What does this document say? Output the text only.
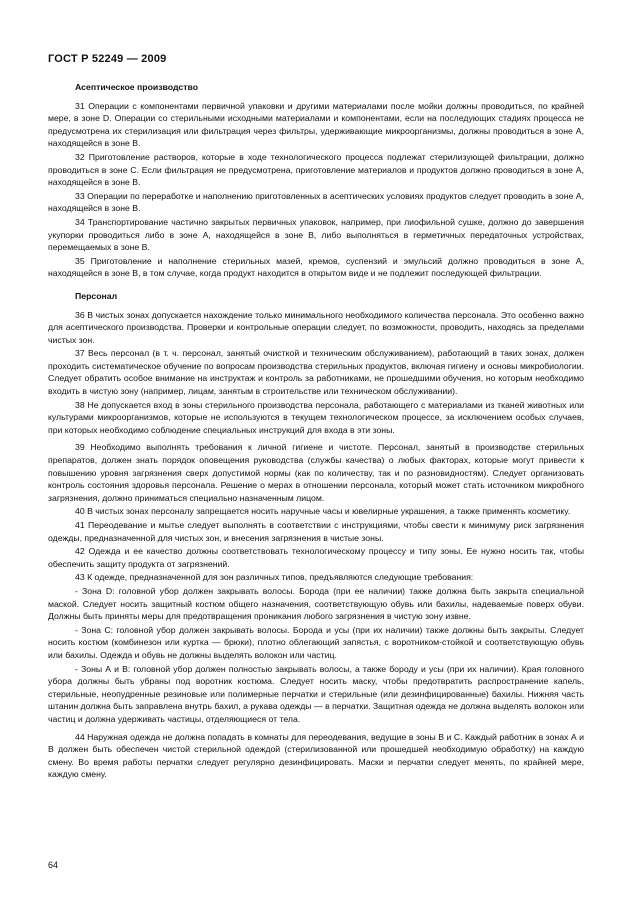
ГОСТ Р 52249 — 2009
Асептическое производство

31 Операции с компонентами первичной упаковки и другими материалами после мойки должны проводиться, по крайней мере, в зоне D. Операции со стерильными исходными материалами и компонентами, если на последующих стадиях процесса не предусмотрена их стерилизация или фильтрация через фильтры, удерживающие микроорганизмы, должны проводиться в зоне А, находящейся в зоне В.

32 Приготовление растворов, которые в ходе технологического процесса подлежат стерилизующей фильтрации, должно проводиться в зоне С. Если фильтрация не предусмотрена, приготовление материалов и продуктов должно проводиться в зоне А, находящейся в зоне В.

33 Операции по переработке и наполнению приготовленных в асептических условиях продуктов следует проводить в зоне А, находящейся в зоне В.

34 Транспортирование частично закрытых первичных упаковок, например, при лиофильной сушке, должно до завершения укупорки проводиться либо в зоне А, находящейся в зоне В, либо выполняться в герметичных передаточных устройствах, перемещаемых в зоне В.

35 Приготовление и наполнение стерильных мазей, кремов, суспензий и эмульсий должно проводиться в зоне А, находящейся в зоне В, в том случае, когда продукт находится в открытом виде и не подлежит последующей фильтрации.

Персонал

36 В чистых зонах допускается нахождение только минимального необходимого количества персонала. Это особенно важно для асептического производства. Проверки и контрольные операции следует, по возможности, проводить, находясь за пределами чистых зон.

37 Весь персонал (в т. ч. персонал, занятый очисткой и техническим обслуживанием), работающий в таких зонах, должен проходить систематическое обучение по вопросам производства стерильных продуктов, включая гигиену и основы микробиологии. Следует обратить особое внимание на инструктаж и контроль за работниками, не прошедшими обучения, но которым необходимо входить в чистую зону (например, лицам, занятым в строительстве или техническом обслуживании).

38 Не допускается вход в зоны стерильного производства персонала, работающего с материалами из тканей животных или культурами микроорганизмов, которые не используются в текущем технологическом процессе, за исключением особых случаев, при которых необходимо соблюдение специальных инструкций для входа в эти зоны.

39 Необходимо выполнять требования к личной гигиене и чистоте. Персонал, занятый в производстве стерильных препаратов, должен знать порядок оповещения руководства (службы качества) о любых факторах, которые могут привести к повышению уровня загрязнения сверх допустимой нормы (как по количеству, так и по разновидностям). Следует организовать контроль состояния здоровья персонала. Решение о мерах в отношении персонала, который может стать источником микробного загрязнения, должно приниматься специально назначенным лицом.

40 В чистых зонах персоналу запрещается носить наручные часы и ювелирные украшения, а также применять косметику.

41 Переодевание и мытье следует выполнять в соответствии с инструкциями, чтобы свести к минимуму риск загрязнения одежды, предназначенной для чистых зон, и внесения загрязнения в чистые зоны.

42 Одежда и ее качество должны соответствовать технологическому процессу и типу зоны. Ее нужно носить так, чтобы обеспечить защиту продукта от загрязнений.

43 К одежде, предназначенной для зон различных типов, предъявляются следующие требования:

- Зона D: головной убор должен закрывать волосы. Борода (при ее наличии) также должна быть закрыта специальной маской. Следует носить защитный костюм общего назначения, соответствующую обувь или бахилы, надеваемые поверх обуви. Должны быть приняты меры для предотвращения проникания любого загрязнения в чистую зону извне.

- Зона С: головной убор должен закрывать волосы. Борода и усы (при их наличии) также должны быть закрыты. Следует носить костюм (комбинезон или куртка — брюки), плотно облегающий запястья, с воротником-стойкой и соответствующую обувь или бахилы. Одежда и обувь не должны выделять волокон или частиц.

- Зоны А и В: головной убор должен полностью закрывать волосы, а также бороду и усы (при их наличии). Края головного убора должны быть убраны под воротник костюма. Следует носить маску, чтобы предотвратить распространение капель, стерильные, неопудренные резиновые или полимерные перчатки и стерильные (или дезинфицированные) бахилы. Нижняя часть штанин должна быть заправлена внутрь бахил, а рукава одежды — в перчатки. Защитная одежда не должна выделять волокон или частиц и должна удерживать частицы, отделяющиеся от тела.

44 Наружная одежда не должна попадать в комнаты для переодевания, ведущие в зоны В и С. Каждый работник в зонах А и В должен быть обеспечен чистой стерильной одеждой (стерилизованной или прошедшей необходимую обработку) на каждую смену. Во время работы перчатки следует регулярно дезинфицировать. Маски и перчатки следует менять, по крайней мере, каждую смену.

64
